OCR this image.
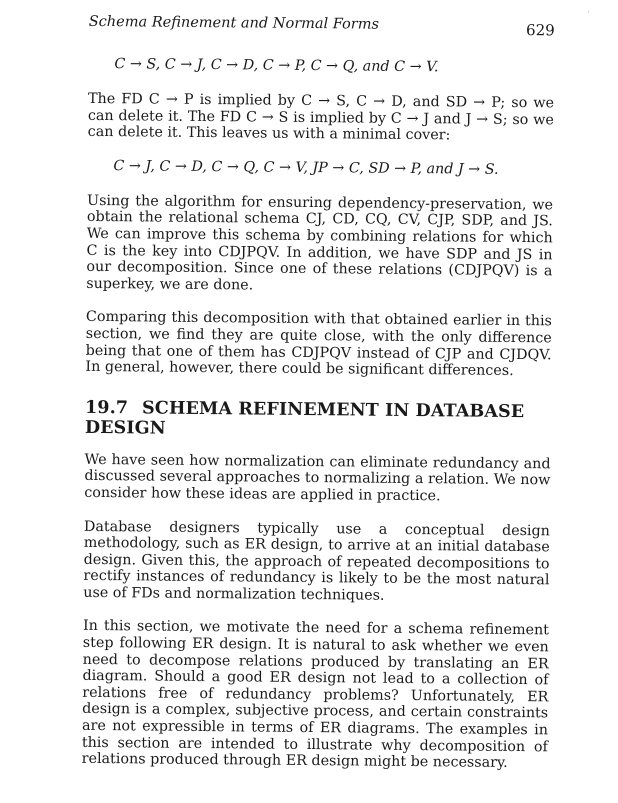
´
Schema Refinement and Normal Forms	629
C → S, C → J, C → D, C → P, C → Q, and C → V.

The FD C → P is implied by C → S, C → D, and SD → P; so we can delete it. The FD C → S is implied by C → J and J → S; so we can delete it. This leaves us with a minimal cover:

C → J, C → D, C → Q, C → V, JP → C, SD → P, and J → S.

Using the algorithm for ensuring dependency-preservation, we obtain the relational schema CJ, CD, CQ, CV, CJP, SDP, and JS. We can improve this schema by combining relations for which C is the key into CDJPQV. In addition, we have SDP and JS in our decomposition. Since one of these relations (CDJPQV) is a superkey, we are done.

Comparing this decomposition with that obtained earlier in this section, we find they are quite close, with the only difference being that one of them has CDJPQV instead of CJP and CJDQV. In general, however, there could be significant differences.

19.7 SCHEMA REFINEMENT IN DATABASE DESIGN

We have seen how normalization can eliminate redundancy and discussed several approaches to normalizing a relation. We now consider how these ideas are applied in practice.

Database designers typically use a conceptual design methodology, such as ER design, to arrive at an initial database design. Given this, the approach of repeated decompositions to rectify instances of redundancy is likely to be the most natural use of FDs and normalization techniques.

In this section, we motivate the need for a schema refinement step following ER design. It is natural to ask whether we even need to decompose relations produced by translating an ER diagram. Should a good ER design not lead to a collection of relations free of redundancy problems? Unfortunately, ER design is a complex, subjective process, and certain constraints are not expressible in terms of ER diagrams. The examples in this section are intended to illustrate why decomposition of relations produced through ER design might be necessary.
